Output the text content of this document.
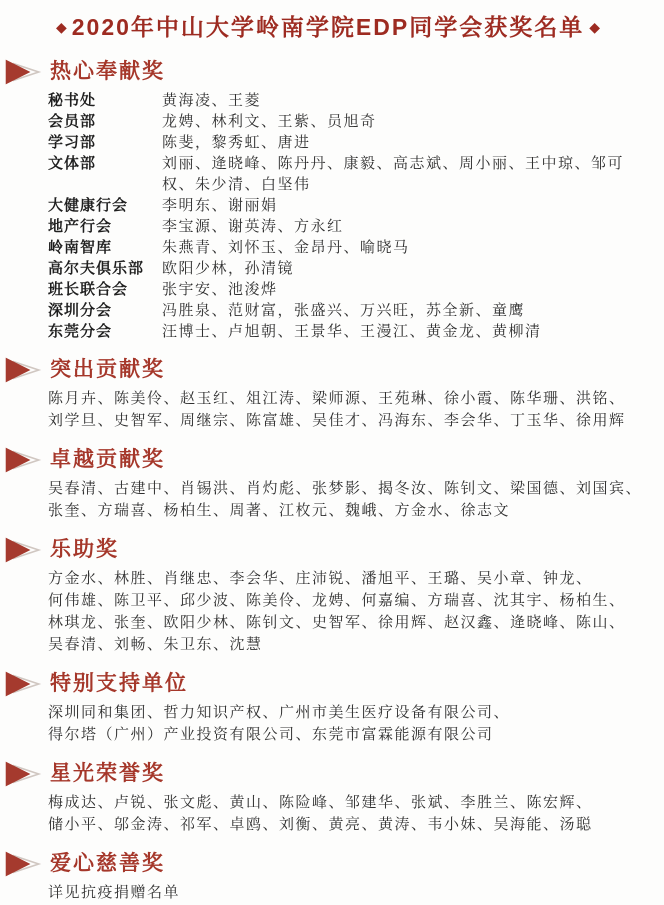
◆ 2020年中山大学岭南学院EDP同学会获奖名单 ◆
热心奉献奖
秘书处	黄海凌、王菱
会员部	龙娉、林利文、王紫、员旭奇
学习部	陈斐，黎秀虹、唐进
文体部	刘丽、逄晓峰、陈丹丹、康毅、高志斌、周小丽、王中琼、邹可权、朱少清、白坚伟
大健康行会	李明东、谢丽娟
地产行会	李宝源、谢英涛、方永红
岭南智库	朱燕青、刘怀玉、金昂丹、喻晓马
高尔夫俱乐部	欧阳少林，孙清镜
班长联合会	张宇安、池浚烨
深圳分会	冯胜泉、范财富，张盛兴、万兴旺，苏全新、童鹰
东莞分会	汪博士、卢旭朝、王景华、王漫江、黄金龙、黄柳清
突出贡献奖
陈月卉、陈美伶、赵玉红、俎江涛、梁师源、王苑琳、徐小霞、陈华珊、洪铭、
刘学旦、史智军、周继宗、陈富雄、吴佳才、冯海东、李会华、丁玉华、徐用辉
卓越贡献奖
吴春清、古建中、肖锡洪、肖灼彪、张梦影、揭冬汝、陈钊文、梁国德、刘国宾、
张奎、方瑞喜、杨柏生、周著、江枚元、魏峨、方金水、徐志文
乐助奖
方金水、林胜、肖继忠、李会华、庄沛锐、潘旭平、王璐、吴小章、钟龙、
何伟雄、陈卫平、邱少波、陈美伶、龙娉、何嘉编、方瑞喜、沈其宇、杨柏生、
林琪龙、张奎、欧阳少林、陈钊文、史智军、徐用辉、赵汉鑫、逄晓峰、陈山、
吴春清、刘畅、朱卫东、沈慧
特别支持单位
深圳同和集团、哲力知识产权、广州市美生医疗设备有限公司、
得尔塔（广州）产业投资有限公司、东莞市富霖能源有限公司
星光荣誉奖
梅成达、卢锐、张文彪、黄山、陈险峰、邹建华、张斌、李胜兰、陈宏辉、
储小平、邬金涛、祁军、卓鸥、刘衡、黄亮、黄涛、韦小妹、吴海能、汤聪
爱心慈善奖
详见抗疫捐赠名单
